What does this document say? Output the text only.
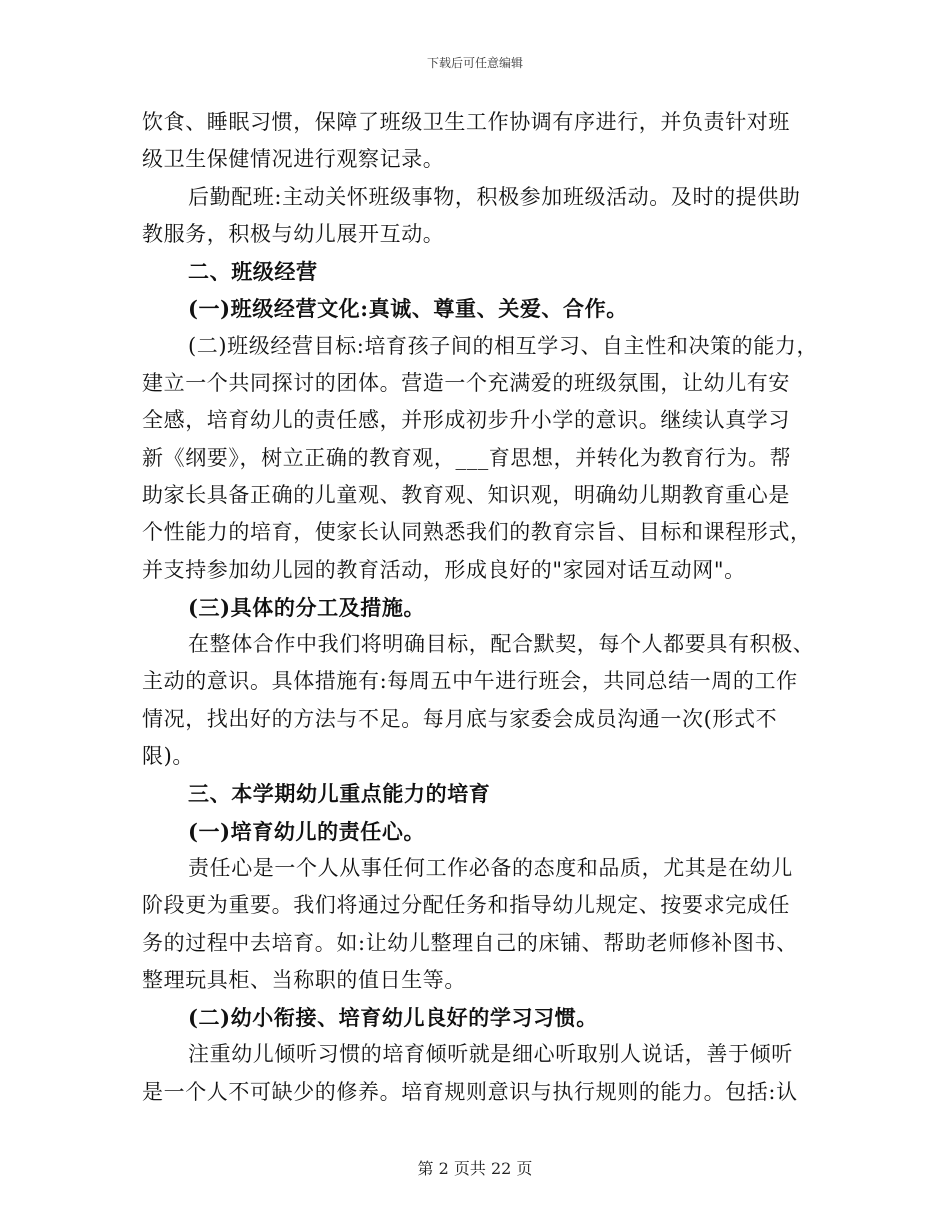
下载后可任意编辑
饮食、睡眠习惯，保障了班级卫生工作协调有序进行，并负责针对班
级卫生保健情况进行观察记录。
后勤配班:主动关怀班级事物，积极参加班级活动。及时的提供助
教服务，积极与幼儿展开互动。
二、班级经营
(一)班级经营文化:真诚、尊重、关爱、合作。
(二)班级经营目标:培育孩子间的相互学习、自主性和决策的能力，
建立一个共同探讨的团体。营造一个充满爱的班级氛围，让幼儿有安
全感，培育幼儿的责任感，并形成初步升小学的意识。继续认真学习
新《纲要》，树立正确的教育观，___育思想，并转化为教育行为。帮
助家长具备正确的儿童观、教育观、知识观，明确幼儿期教育重心是
个性能力的培育，使家长认同熟悉我们的教育宗旨、目标和课程形式，
并支持参加幼儿园的教育活动，形成良好的"家园对话互动网"。
(三)具体的分工及措施。
在整体合作中我们将明确目标，配合默契，每个人都要具有积极、
主动的意识。具体措施有:每周五中午进行班会，共同总结一周的工作
情况，找出好的方法与不足。每月底与家委会成员沟通一次(形式不
限)。
三、本学期幼儿重点能力的培育
(一)培育幼儿的责任心。
责任心是一个人从事任何工作必备的态度和品质，尤其是在幼儿
阶段更为重要。我们将通过分配任务和指导幼儿规定、按要求完成任
务的过程中去培育。如:让幼儿整理自己的床铺、帮助老师修补图书、
整理玩具柜、当称职的值日生等。
(二)幼小衔接、培育幼儿良好的学习习惯。
注重幼儿倾听习惯的培育倾听就是细心听取别人说话，善于倾听
是一个人不可缺少的修养。培育规则意识与执行规则的能力。包括:认
第 2 页共 22 页
